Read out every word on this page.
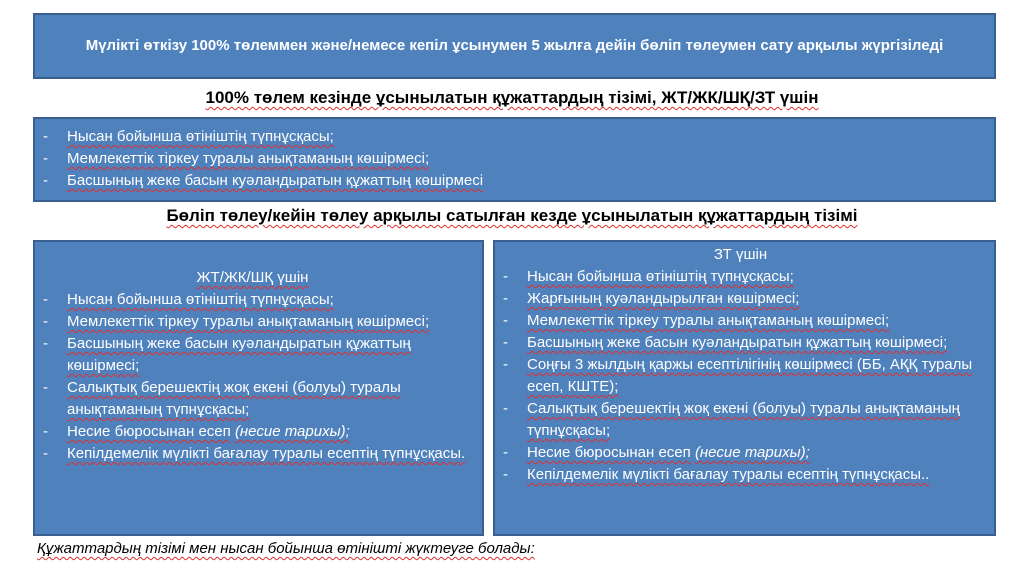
Мүлікті өткізу 100% төлеммен және/немесе кепіл ұсынумен 5 жылға дейін бөліп төлеумен сату арқылы жүргізіледі
100% төлем кезінде ұсынылатын құжаттардың тізімі, ЖТ/ЖК/ШҚ/ЗТ үшін
- Нысан бойынша өтініштің түпнұсқасы;
- Мемлекеттік тіркеу туралы анықтаманың көшірмесі;
- Басшының жеке басын куәландыратын құжаттың көшірмесі
Бөліп төлеу/кейін төлеу арқылы сатылған кезде ұсынылатын құжаттардың тізімі
ЖТ/ЖК/ШҚ үшін
- Нысан бойынша өтініштің түпнұсқасы;
- Мемлекеттік тіркеу туралы анықтаманың көшірмесі;
- Басшының жеке басын куәландыратын құжаттың көшірмесі;
- Салықтық берешектің жоқ екені (болуы) туралы анықтаманың түпнұсқасы;
- Несие бюросынан есеп (несие тарихы);
- Кепілдемелік мүлікті бағалау туралы есептің түпнұсқасы.
ЗТ үшін
- Нысан бойынша өтініштің түпнұсқасы;
- Жарғының куәландырылған көшірмесі;
- Мемлекеттік тіркеу туралы анықтаманың көшірмесі;
- Басшының жеке басын куәландыратын құжаттың көшірмесі;
- Соңғы 3 жылдың қаржы есептілігінің көшірмесі (ББ, АҚҚ туралы есеп, КШТЕ);
- Салықтық берешектің жоқ екені (болуы) туралы анықтаманың түпнұсқасы;
- Несие бюросынан есеп (несие тарихы);
- Кепілдемелік мүлікті бағалау туралы есептің түпнұсқасы..
Құжаттардың тізімі мен нысан бойынша өтінішті жүктеуге болады:
